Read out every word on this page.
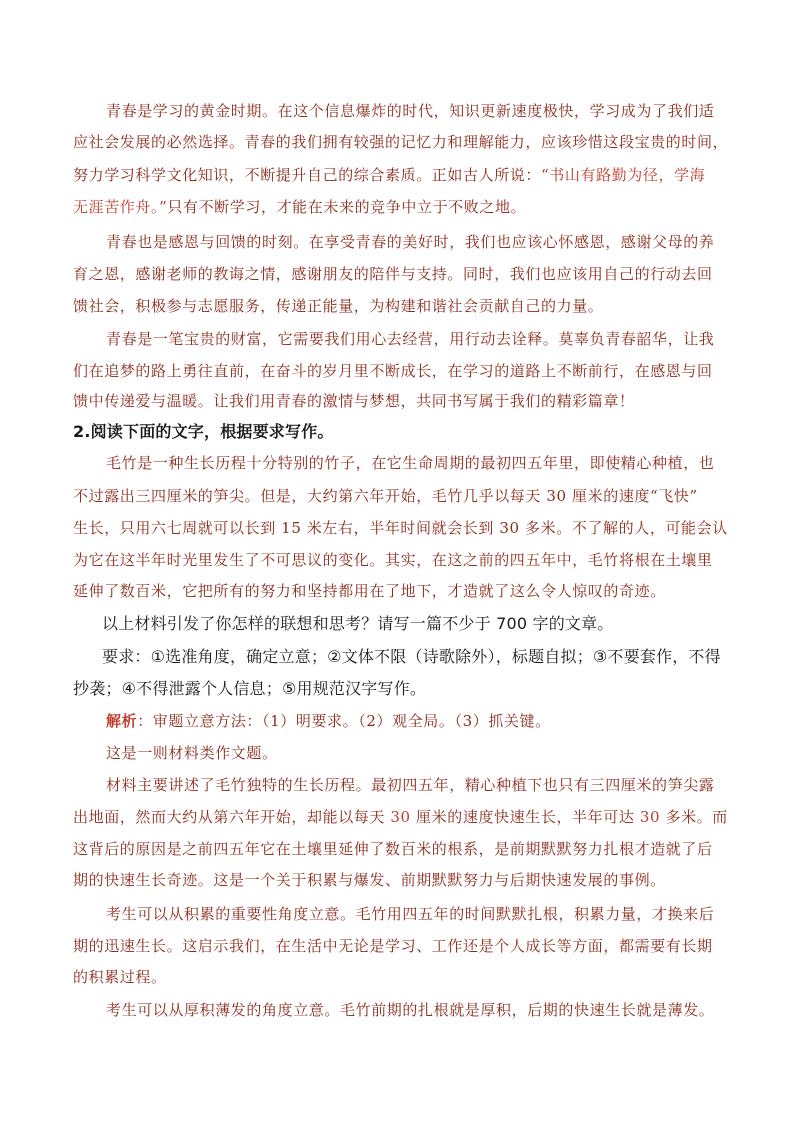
青春是学习的黄金时期。在这个信息爆炸的时代，知识更新速度极快，学习成为了我们适

应社会发展的必然选择。青春的我们拥有较强的记忆力和理解能力，应该珍惜这段宝贵的时间，

努力学习科学文化知识，不断提升自己的综合素质。正如古人所说：“书山有路勤为径，学海

无涯苦作舟。”只有不断学习，才能在未来的竞争中立于不败之地。

青春也是感恩与回馈的时刻。在享受青春的美好时，我们也应该心怀感恩，感谢父母的养

育之恩，感谢老师的教诲之情，感谢朋友的陪伴与支持。同时，我们也应该用自己的行动去回

馈社会，积极参与志愿服务，传递正能量，为构建和谐社会贡献自己的力量。

青春是一笔宝贵的财富，它需要我们用心去经营，用行动去诠释。莫辜负青春韶华，让我

们在追梦的路上勇往直前，在奋斗的岁月里不断成长，在学习的道路上不断前行，在感恩与回

馈中传递爱与温暖。让我们用青春的激情与梦想，共同书写属于我们的精彩篇章！

2.阅读下面的文字，根据要求写作。

毛竹是一种生长历程十分特别的竹子，在它生命周期的最初四五年里，即使精心种植，也

不过露出三四厘米的笋尖。但是，大约第六年开始，毛竹几乎以每天 30 厘米的速度“飞快”

生长，只用六七周就可以长到 15 米左右，半年时间就会长到 30 多米。不了解的人，可能会认

为它在这半年时光里发生了不可思议的变化。其实，在这之前的四五年中，毛竹将根在土壤里

延伸了数百米，它把所有的努力和坚持都用在了地下，才造就了这么令人惊叹的奇迹。

以上材料引发了你怎样的联想和思考？请写一篇不少于 700 字的文章。

要求：①选准角度，确定立意；②文体不限（诗歌除外），标题自拟；③不要套作，不得

抄袭；④不得泄露个人信息；⑤用规范汉字写作。

解析：审题立意方法：（1）明要求。（2）观全局。（3）抓关键。

这是一则材料类作文题。

材料主要讲述了毛竹独特的生长历程。最初四五年，精心种植下也只有三四厘米的笋尖露

出地面，然而大约从第六年开始，却能以每天 30 厘米的速度快速生长，半年可达 30 多米。而

这背后的原因是之前四五年它在土壤里延伸了数百米的根系，是前期默默努力扎根才造就了后

期的快速生长奇迹。这是一个关于积累与爆发、前期默默努力与后期快速发展的事例。

考生可以从积累的重要性角度立意。毛竹用四五年的时间默默扎根，积累力量，才换来后

期的迅速生长。这启示我们，在生活中无论是学习、工作还是个人成长等方面，都需要有长期

的积累过程。

考生可以从厚积薄发的角度立意。毛竹前期的扎根就是厚积，后期的快速生长就是薄发。
